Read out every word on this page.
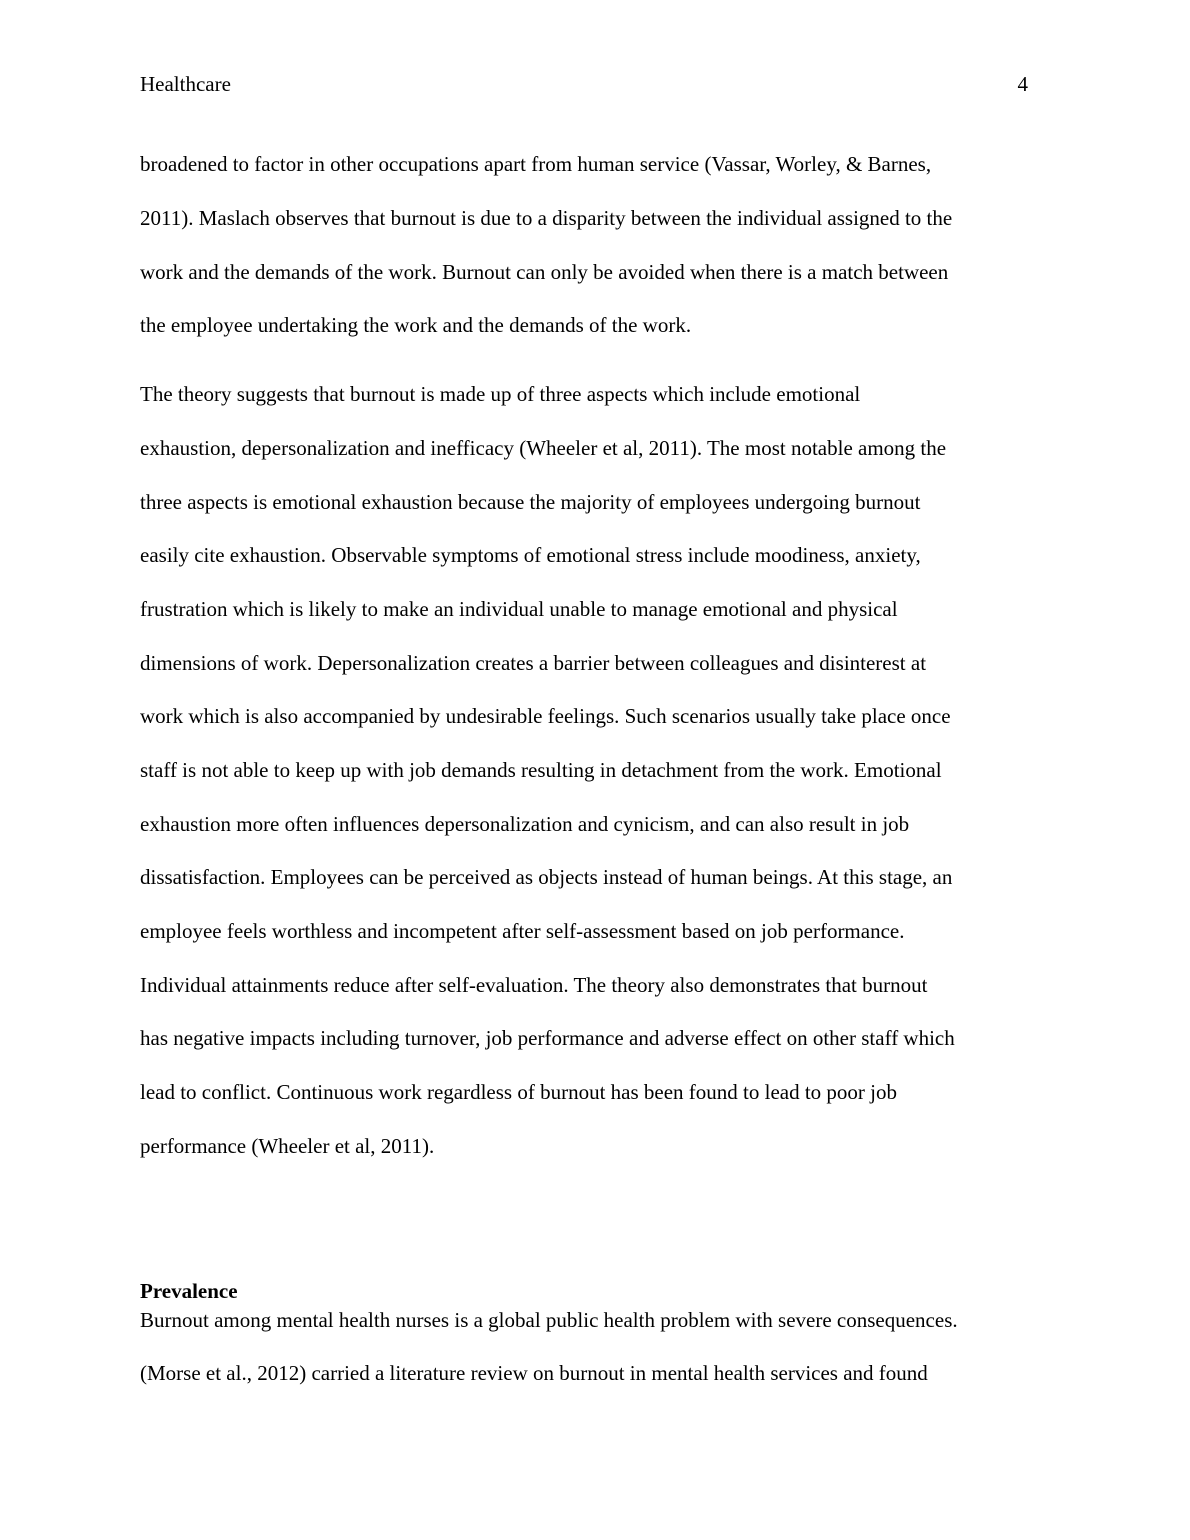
Healthcare	4
broadened to factor in other occupations apart from human service (Vassar, Worley, & Barnes,
2011). Maslach observes that burnout is due to a disparity between the individual assigned to the
work and the demands of the work. Burnout can only be avoided when there is a match between
the employee undertaking the work and the demands of the work.
The theory suggests that burnout is made up of three aspects which include emotional
exhaustion, depersonalization and inefficacy (Wheeler et al, 2011). The most notable among the
three aspects is emotional exhaustion because the majority of employees undergoing burnout
easily cite exhaustion. Observable symptoms of emotional stress include moodiness, anxiety,
frustration which is likely to make an individual unable to manage emotional and physical
dimensions of work. Depersonalization creates a barrier between colleagues and disinterest at
work which is also accompanied by undesirable feelings. Such scenarios usually take place once
staff is not able to keep up with job demands resulting in detachment from the work. Emotional
exhaustion more often influences depersonalization and cynicism, and can also result in job
dissatisfaction. Employees can be perceived as objects instead of human beings. At this stage, an
employee feels worthless and incompetent after self-assessment based on job performance.
Individual attainments reduce after self-evaluation. The theory also demonstrates that burnout
has negative impacts including turnover, job performance and adverse effect on other staff which
lead to conflict. Continuous work regardless of burnout has been found to lead to poor job
performance (Wheeler et al, 2011).
Prevalence
Burnout among mental health nurses is a global public health problem with severe consequences.
(Morse et al., 2012) carried a literature review on burnout in mental health services and found
